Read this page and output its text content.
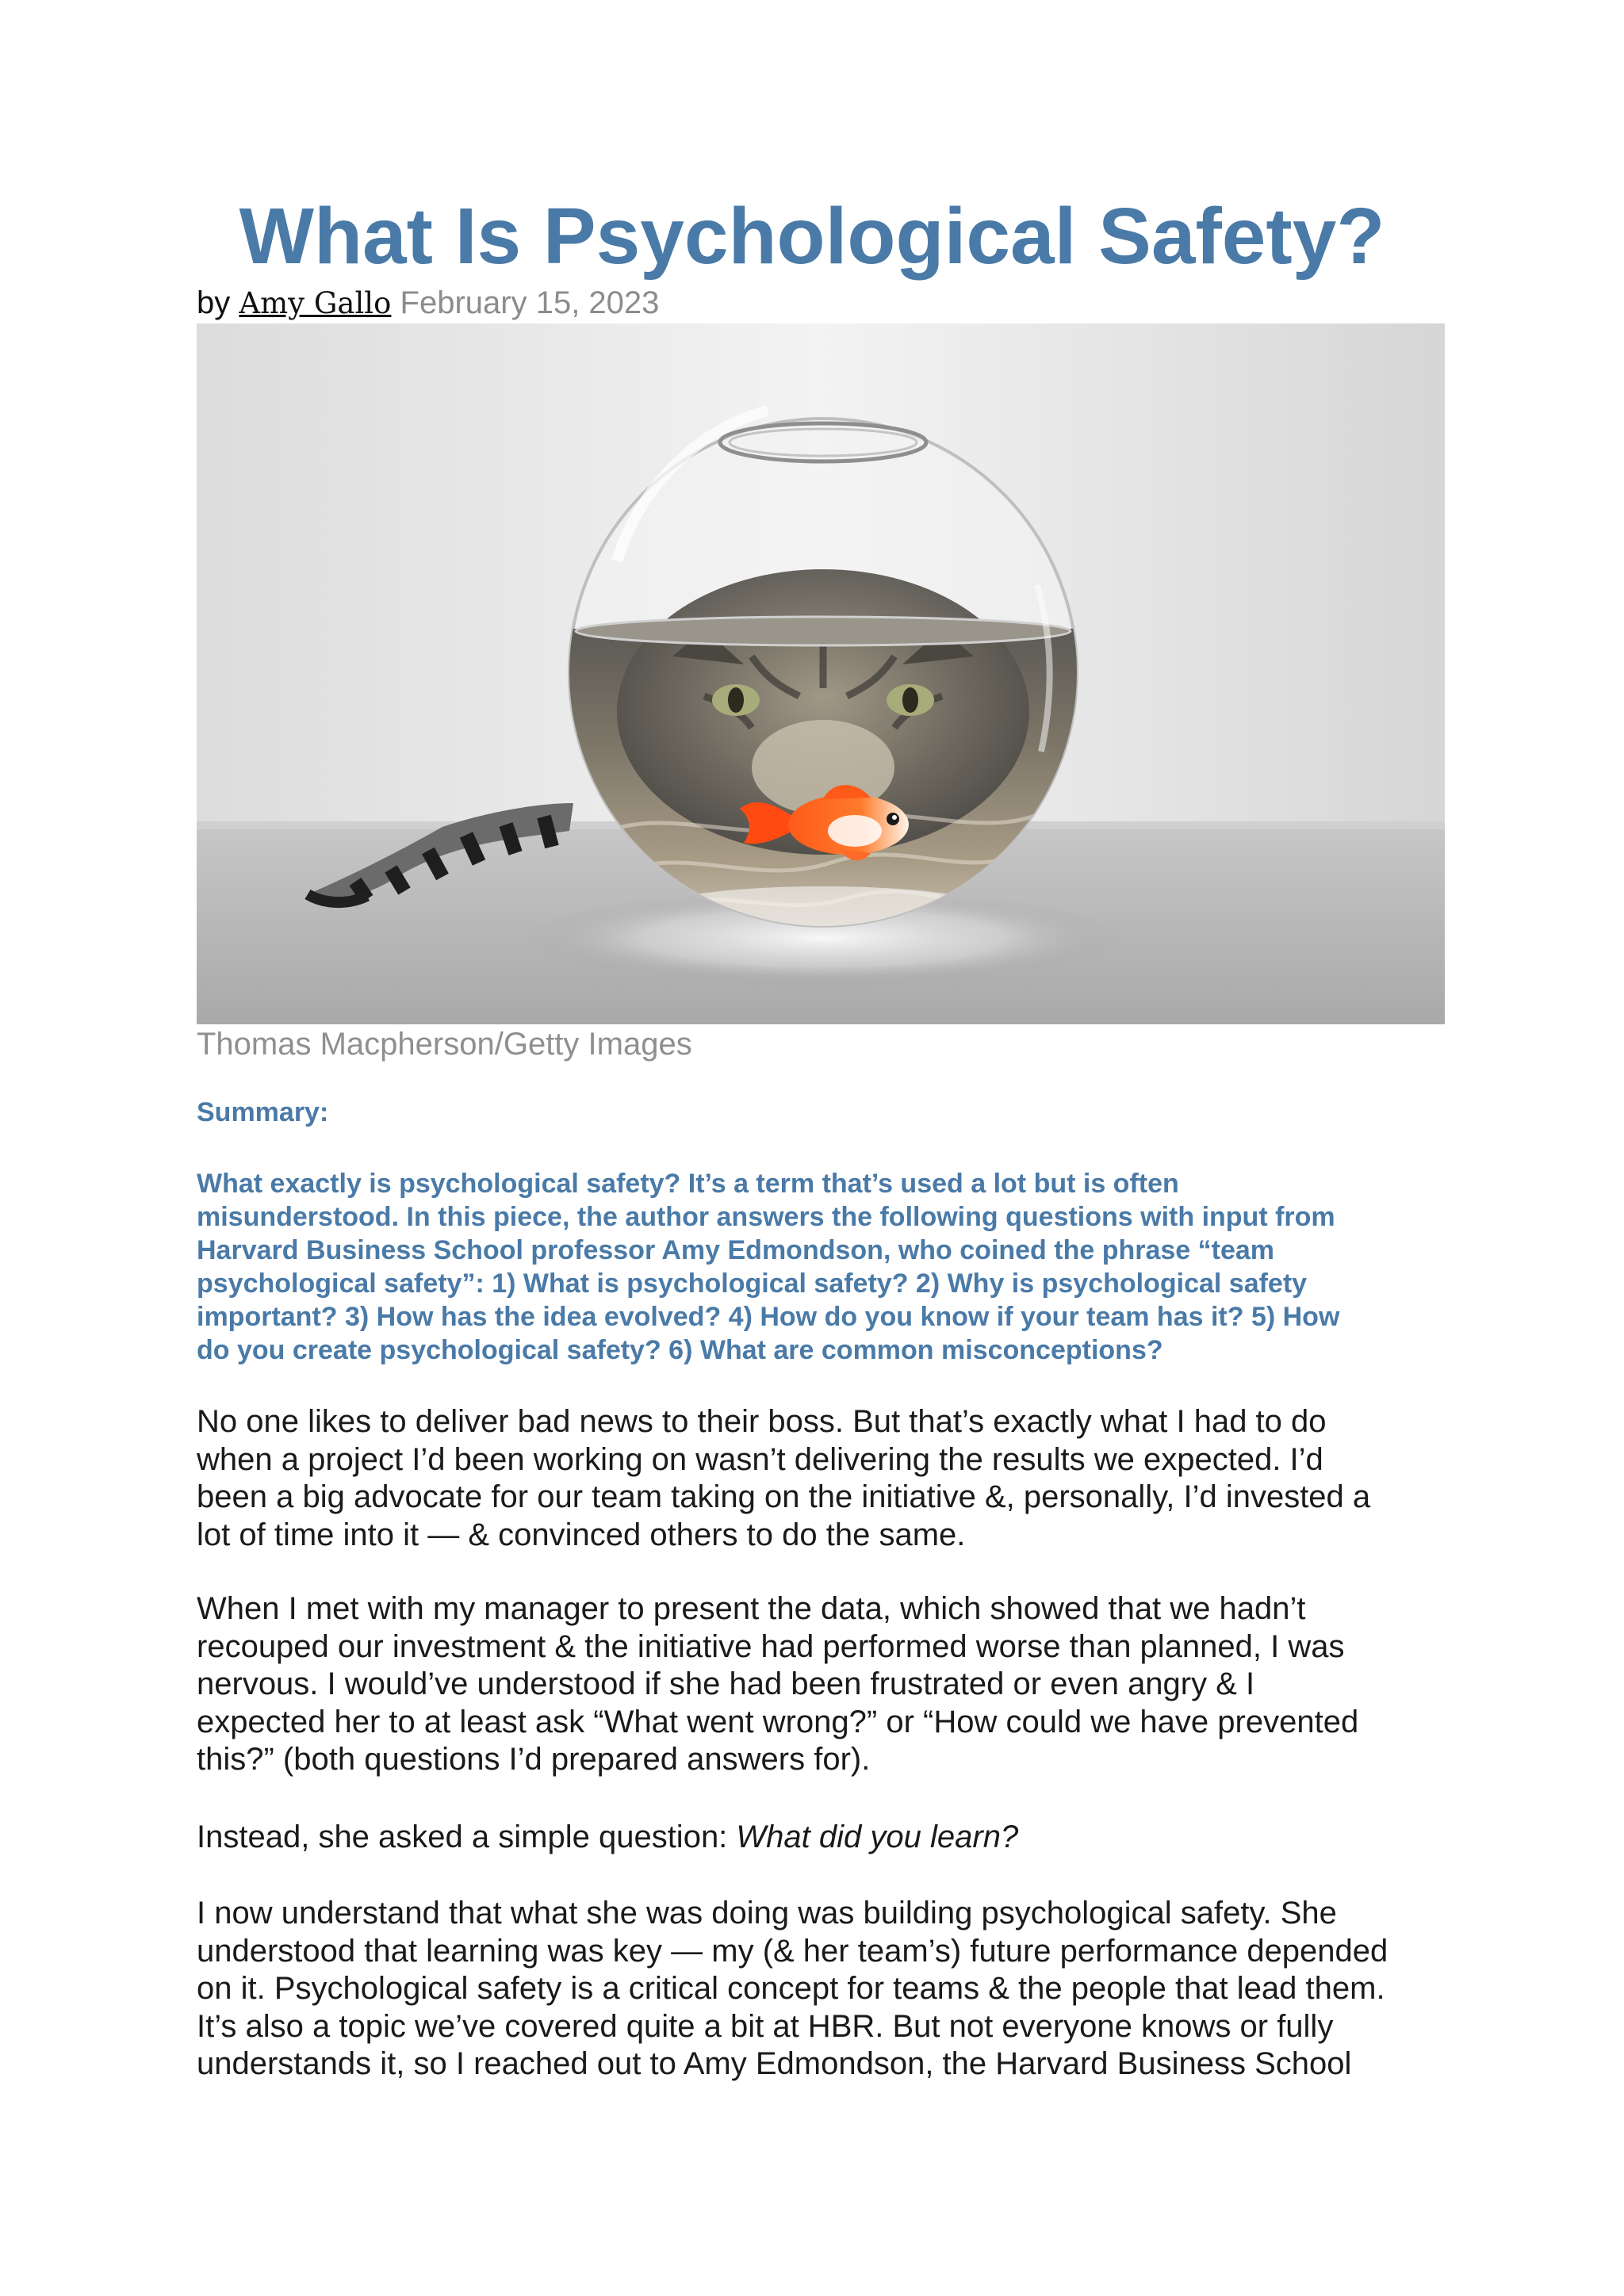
What Is Psychological Safety?
by Amy Gallo February 15, 2023
Thomas Macpherson/Getty Images
Summary:

What exactly is psychological safety? It’s a term that’s used a lot but is often
misunderstood. In this piece, the author answers the following questions with input from
Harvard Business School professor Amy Edmondson, who coined the phrase “team
psychological safety”: 1) What is psychological safety? 2) Why is psychological safety
important? 3) How has the idea evolved? 4) How do you know if your team has it? 5) How
do you create psychological safety? 6) What are common misconceptions?

No one likes to deliver bad news to their boss. But that’s exactly what I had to do
when a project I’d been working on wasn’t delivering the results we expected. I’d
been a big advocate for our team taking on the initiative &, personally, I’d invested a
lot of time into it — & convinced others to do the same.

When I met with my manager to present the data, which showed that we hadn’t
recouped our investment & the initiative had performed worse than planned, I was
nervous. I would’ve understood if she had been frustrated or even angry & I
expected her to at least ask “What went wrong?” or “How could we have prevented
this?” (both questions I’d prepared answers for).

Instead, she asked a simple question: What did you learn?

I now understand that what she was doing was building psychological safety. She
understood that learning was key — my (& her team’s) future performance depended
on it. Psychological safety is a critical concept for teams & the people that lead them.
It’s also a topic we’ve covered quite a bit at HBR. But not everyone knows or fully
understands it, so I reached out to Amy Edmondson, the Harvard Business School
